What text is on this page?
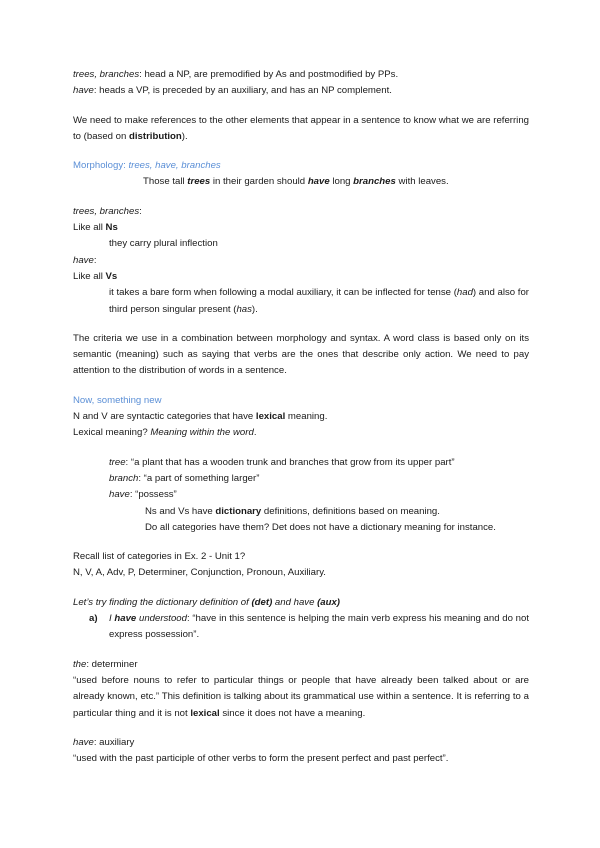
trees, branches: head a NP, are premodified by As and postmodified by PPs.
have: heads a VP, is preceded by an auxiliary, and has an NP complement.
We need to make references to the other elements that appear in a sentence to know what we are referring to (based on distribution).
Morphology: trees, have, branches
Those tall trees in their garden should have long branches with leaves.
trees, branches:
Like all Ns
they carry plural inflection
have:
Like all Vs
it takes a bare form when following a modal auxiliary, it can be inflected for tense (had) and also for third person singular present (has).
The criteria we use in a combination between morphology and syntax. A word class is based only on its semantic (meaning) such as saying that verbs are the ones that describe only action. We need to pay attention to the distribution of words in a sentence.
Now, something new
N and V are syntactic categories that have lexical meaning.
Lexical meaning? Meaning within the word.
tree: “a plant that has a wooden trunk and branches that grow from its upper part”
branch: “a part of something larger”
have: “possess”
Ns and Vs have dictionary definitions, definitions based on meaning.
Do all categories have them? Det does not have a dictionary meaning for instance.
Recall list of categories in Ex. 2 - Unit 1?
N, V, A, Adv, P, Determiner, Conjunction, Pronoun, Auxiliary.
Let’s try finding the dictionary definition of (det) and have (aux)
a)	I have understood: “have in this sentence is helping the main verb express his meaning and do not express possession”.
the: determiner
“used before nouns to refer to particular things or people that have already been talked about or are already known, etc.” This definition is talking about its grammatical use within a sentence. It is referring to a particular thing and it is not lexical since it does not have a meaning.
have: auxiliary
“used with the past participle of other verbs to form the present perfect and past perfect”.
